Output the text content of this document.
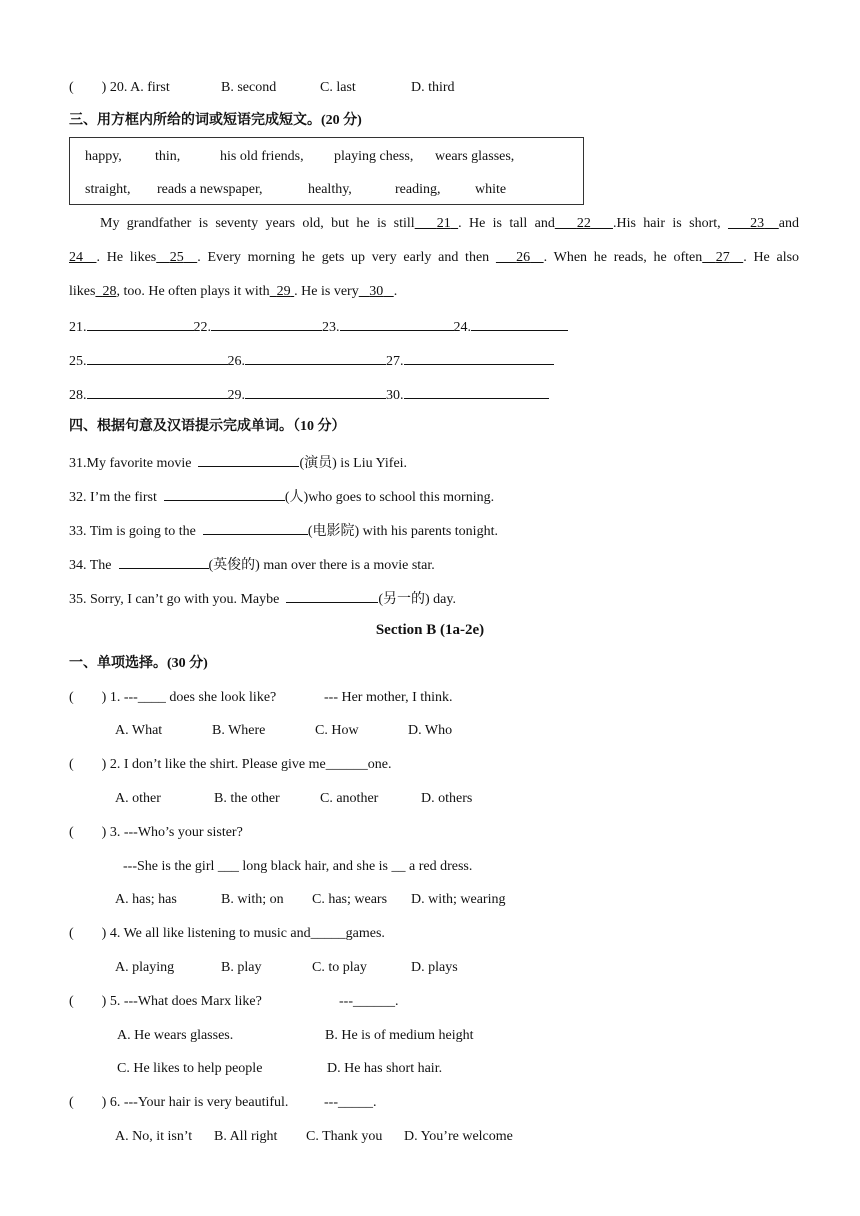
( ) 20. A. first	B. second	C. last	D. third
三、用方框内所给的词或短语完成短文。(20 分)
happy, thin,	his old friends, playing chess, wears glasses,
straight, reads a newspaper,	healthy,	reading, white
My grandfather is seventy years old, but he is still 21 . He is tall and 22 .His hair is short, 23 and
24 . He likes 25 . Every morning he gets up very early and then 26 . When he reads, he often 27 . He also
likes 28, too. He often plays it with 29 . He is very 30 .
21.	22.	23.	24.
25.	26.	27.
28.	29.	30.
四、根据句意及汉语提示完成单词。（10 分）
31.My favorite movie	(演员) is Liu Yifei.
32. I’m the first	(人)who goes to school this morning.
33. Tim is going to the	(电影院) with his parents tonight.
34. The	(英俊的) man over there is a movie star.
35. Sorry, I can’t go with you. Maybe	(另一的) day.
Section B (1a-2e)
一、单项选择。(30 分)
( ) 1. ---____ does she look like?	--- Her mother, I think.
A. What	B. Where	C. How	D. Who
( ) 2. I don’t like the shirt. Please give me______one.
A. other	B. the other	C. another	D. others
( ) 3. ---Who’s your sister?
---She is the girl ___ long black hair, and she is __ a red dress.
A. has; has	B. with; on C. has; wears D. with; wearing
( ) 4. We all like listening to music and_____games.
A. playing	B. play	C. to play	D. plays
( ) 5. ---What does Marx like?	---______.
A. He wears glasses.	B. He is of medium height
C. He likes to help people	D. He has short hair.
( ) 6. ---Your hair is very beautiful.	---_____.
A. No, it isn’t B. All right C. Thank you D. You’re welcome
